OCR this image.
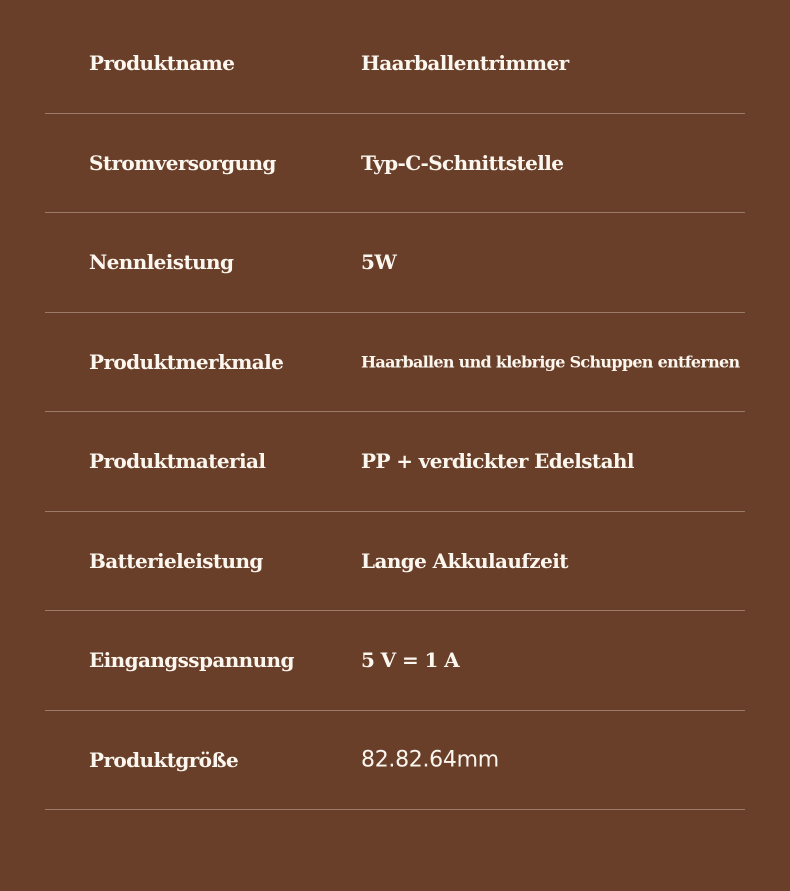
Produktname	Haarballentrimmer
Stromversorgung	Typ-C-Schnittstelle
Nennleistung	5W
Produktmerkmale	Haarballen und klebrige Schuppen entfernen
Produktmaterial	PP + verdickter Edelstahl
Batterieleistung	Lange Akkulaufzeit
Eingangsspannung	5 V = 1 A
Produktgröße	82.82.64mm
